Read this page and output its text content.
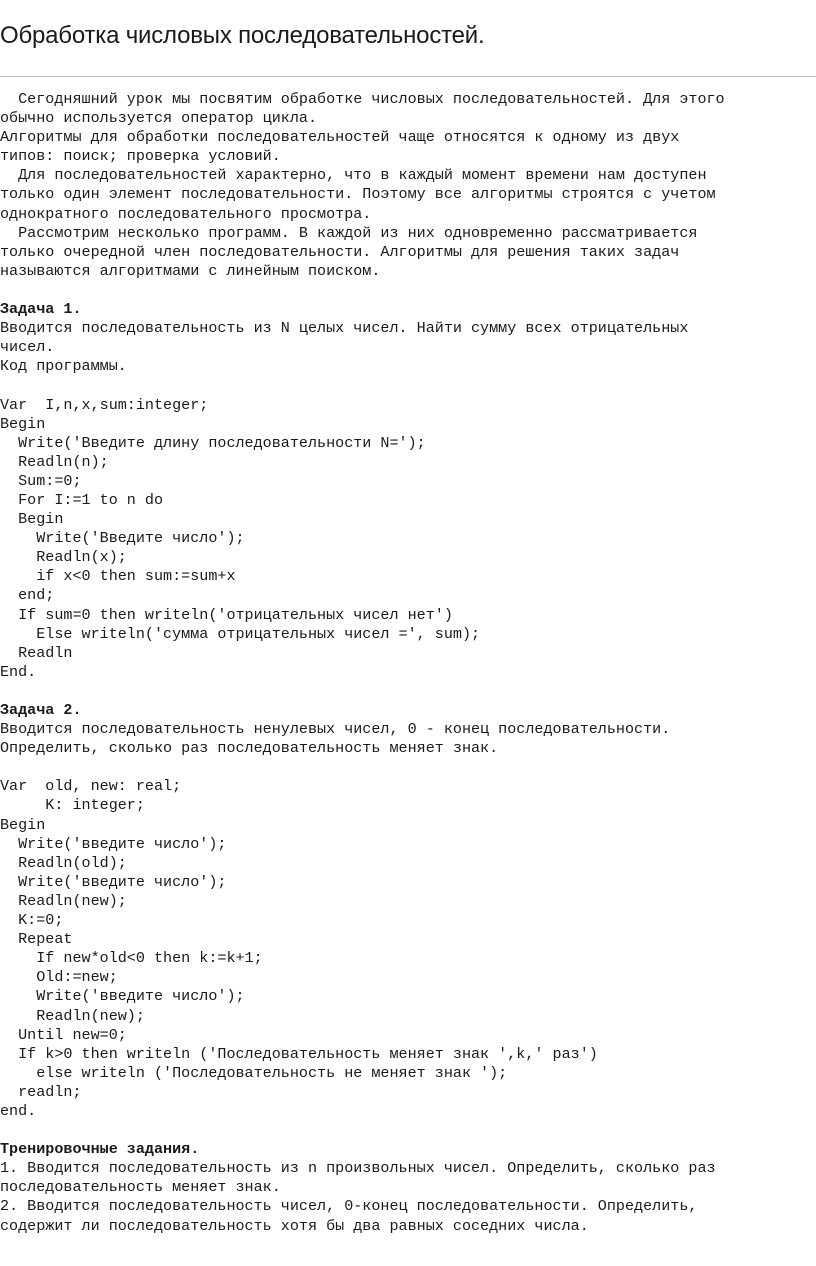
Обработка числовых последовательностей.
Сегодняшний урок мы посвятим обработке числовых последовательностей. Для этого
обычно используется оператор цикла.
Алгоритмы для обработки последовательностей чаще относятся к одному из двух
типов: поиск; проверка условий.
Для последовательностей характерно, что в каждый момент времени нам доступен
только один элемент последовательности. Поэтому все алгоритмы строятся с учетом
однократного последовательного просмотра.
Рассмотрим несколько программ. В каждой из них одновременно рассматривается
только очередной член последовательности. Алгоритмы для решения таких задач
называются алгоритмами с линейным поиском.
Задача 1.
Вводится последовательность из N целых чисел. Найти сумму всех отрицательных
чисел.
Код программы.
Var  I,n,x,sum:integer;
Begin
Write('Введите длину последовательности N=');
Readln(n);
Sum:=0;
For I:=1 to n do
Begin
Write('Введите число');
Readln(x);
if x<0 then sum:=sum+x
end;
If sum=0 then writeln('отрицательных чисел нет')
Else writeln('сумма отрицательных чисел =', sum);
Readln
End.
Задача 2.
Вводится последовательность ненулевых чисел, 0 - конец последовательности.
Определить, сколько раз последовательность меняет знак.
Var  old, new: real;
K: integer;
Begin
Write('введите число');
Readln(old);
Write('введите число');
Readln(new);
K:=0;
Repeat
If new*old<0 then k:=k+1;
Old:=new;
Write('введите число');
Readln(new);
Until new=0;
If k>0 then writeln ('Последовательность меняет знак ',k,' раз')
else writeln ('Последовательность не меняет знак ');
readln;
end.
Тренировочные задания.
1. Вводится последовательность из n произвольных чисел. Определить, сколько раз
последовательность меняет знак.
2. Вводится последовательность чисел, 0-конец последовательности. Определить,
содержит ли последовательность хотя бы два равных соседних числа.
